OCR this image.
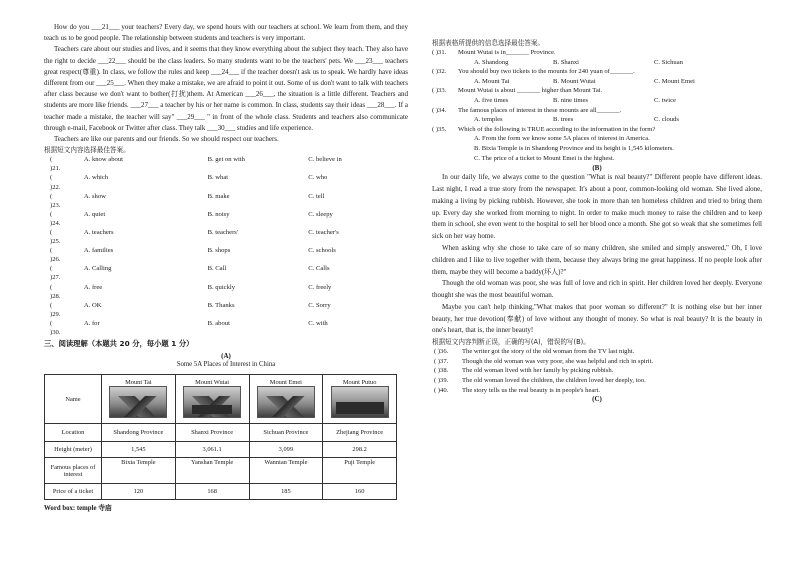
How do you ___21___ your teachers? Every day, we spend hours with our teachers at school. We learn from them, and they teach us to be good people. The relationship between students and teachers is very important.

Teachers care about our studies and lives, and it seems that they know everything about the subject they teach. They also have the right to decide ___22___ should be the class leaders. So many students want to be the teachers' pets. We ___23___ teachers great respect(尊重). In class, we follow the rules and keep ___24___ if the teacher doesn't ask us to speak. We hardly have ideas different from our ___25___. When they make a mistake, we are afraid to point it out. Some of us don't want to talk with teachers after class because we don't want to bother(打扰)them. At American ___26___, the situation is a little different. Teachers and students are more like friends. ___27___ a teacher by his or her name is common. In class, students say their ideas ___28___. If a teacher made a mistake, the teacher will say" ___29___ " in front of the whole class. Students and teachers also communicate through e-mail, Facebook or Twitter after class. They talk ___30___ studies and life experience.

Teachers are like our parents and our friends. So we should respect our teachers.

根据短文内容选择最佳答案。

( )21.
A. know about	B. get on with	C. believe in
( )22.
A. which	B. what	C. who
( )23.
A. show	B. make	C. tell
( )24.
A. quiet	B. noisy	C. sleepy
( )25.
A. teachers	B. teachers'	C. teacher's
( )26.
A. families	B. shops	C. schools
( )27.
A. Calling	B. Call	C. Calls
( )28.
A. free	B. quickly	C. freely
( )29.
A. OK	B. Thanks	C. Sorry
( )30.
A. for	B. about	C. with

三、阅读理解（本题共 20 分，每小题 1 分）

(A)

Some 5A Places of Interest in China

Name	Mount Tai	Mount Wutai	Mount Emei	Mount Putuo

Location	Shandong Province	Shanxi Province	Sichuan Province	Zhejiang Province
Height (meter)	1,545	3,061.1	3,099	298.2
Famous places of interest	Bixia Temple	Yanshan Temple	Wannian Temple	Puji Temple
Price of a ticket	120	168	185	160

Word box: temple 寺庙

根据表格所提供的信息选择最佳答案。

( )31. Mount Wutai is in_______ Province.

A. Shandong	B. Shanxi	C. Sichuan

( )32. You should buy two tickets to the mounts for 240 yuan of_______.

A. Mount Tai	B. Mount Wutai	C. Mount Emei

( )33. Mount Wutai is about _______ higher than Mount Tai.

A. five times	B. nine times	C. twice

( )34. The famous places of interest in these mounts are all_______.

A. temples	B. trees	C. clouds

( )35. Which of the following is TRUE according to the information in the form?

A. From the form we know some 5A places of interest in America.

B. Bixia Temple is in Shandong Province and its height is 1,545 kilometers.

C. The price of a ticket to Mount Emei is the highest.

(B)

In our daily life, we always come to the question "What is real beauty?" Different people have different ideas. Last night, I read a true story from the newspaper. It's about a poor, common-looking old woman. She lived alone, making a living by picking rubbish. However, she took in more than ten homeless children and tried to bring them up. Every day she worked from morning to night. In order to make much money to raise the children and to keep them in school, she even went to the hospital to sell her blood once a month. She got so weak that she sometimes fell sick on her way home.

When asking why she chose to take care of so many children, she smiled and simply answered," Oh, I love children and I like to live together with them, because they always bring me great happiness. If no people look after them, maybe they will become a baddy(坏人)?"

Though the old woman was poor, she was full of love and rich in spirit. Her children loved her deeply. Everyone thought she was the most beautiful woman.

Maybe you can't help thinking,"What makes that poor woman so different?" It is nothing else but her inner beauty, her true devotion(奉献) of love without any thought of money. So what is real beauty? It is the beauty in one's heart, that is, the inner beauty!

根据短文内容判断正误，正确的写(A)，错误的写(B)。

( )36. The writer got the story of the old woman from the TV last night.

( )37. Though the old woman was very poor, she was helpful and rich in spirit.

( )38. The old woman lived with her family by picking rubbish.

( )39. The old woman loved the children, the children loved her deeply, too.

( )40. The story tells us the real beauty is in people's heart.

(C)
